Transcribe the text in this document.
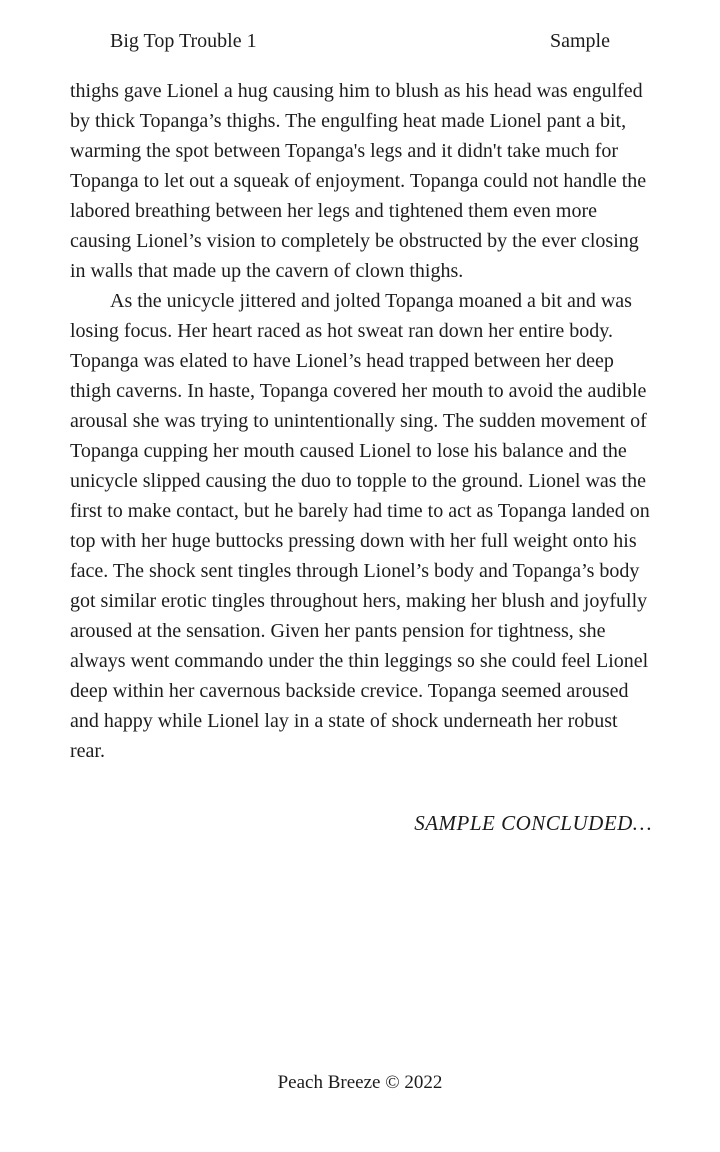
Big Top Trouble 1	Sample

thighs gave Lionel a hug causing him to blush as his head was engulfed by thick Topanga’s thighs. The engulfing heat made Lionel pant a bit, warming the spot between Topanga's legs and it didn't take much for Topanga to let out a squeak of enjoyment. Topanga could not handle the labored breathing between her legs and tightened them even more causing Lionel’s vision to completely be obstructed by the ever closing in walls that made up the cavern of clown thighs.

As the unicycle jittered and jolted Topanga moaned a bit and was losing focus. Her heart raced as hot sweat ran down her entire body. Topanga was elated to have Lionel’s head trapped between her deep thigh caverns. In haste, Topanga covered her mouth to avoid the audible arousal she was trying to unintentionally sing. The sudden movement of Topanga cupping her mouth caused Lionel to lose his balance and the unicycle slipped causing the duo to topple to the ground. Lionel was the first to make contact, but he barely had time to act as Topanga landed on top with her huge buttocks pressing down with her full weight onto his face. The shock sent tingles through Lionel’s body and Topanga’s body got similar erotic tingles throughout hers, making her blush and joyfully aroused at the sensation. Given her pants pension for tightness, she always went commando under the thin leggings so she could feel Lionel deep within her cavernous backside crevice. Topanga seemed aroused and happy while Lionel lay in a state of shock underneath her robust rear.

SAMPLE CONCLUDED…
Peach Breeze © 2022
